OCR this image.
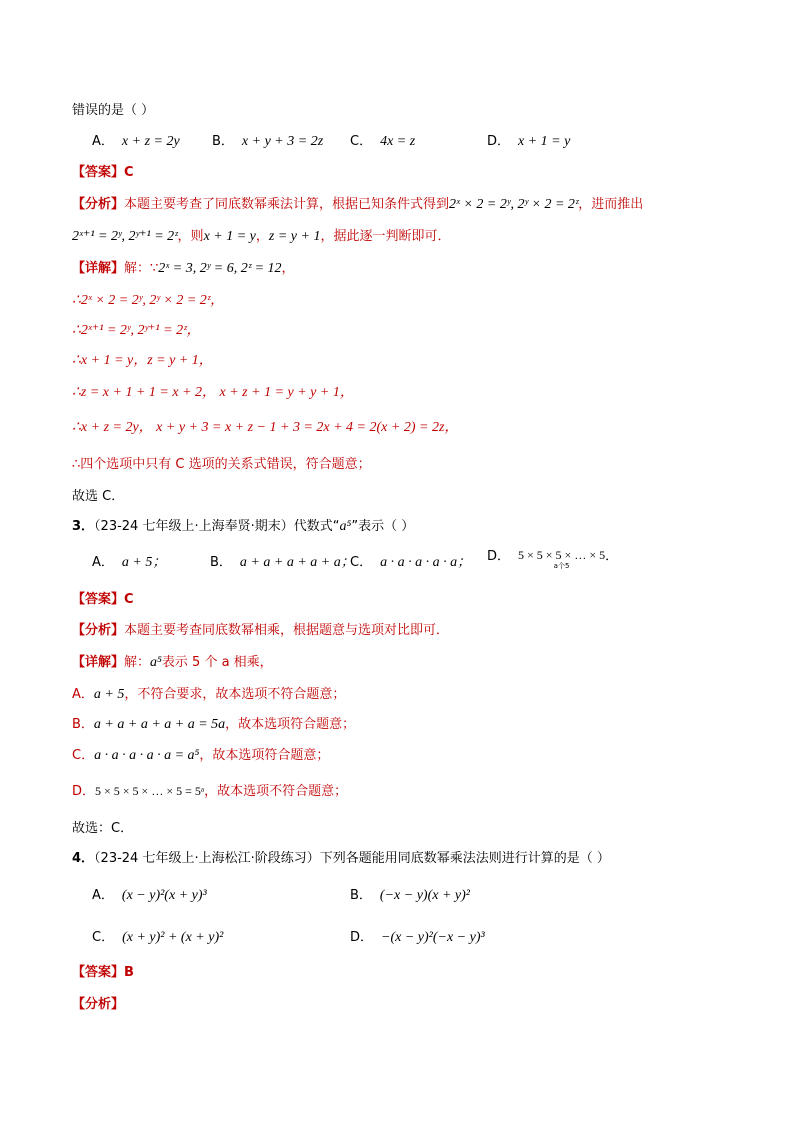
错误的是（ ）
A． x + z = 2y B． x + y + 3 = 2z C． 4x = z	D． x + 1 = y
【答案】C
【分析】本题主要考查了同底数幂乘法计算，根据已知条件式得到2ˣ × 2 = 2ʸ, 2ʸ × 2 = 2ᶻ，进而推出
2ˣ⁺¹ = 2ʸ, 2ʸ⁺¹ = 2ᶻ，则x + 1 = y，z = y + 1，据此逐一判断即可．
【详解】解：∵2ˣ = 3, 2ʸ = 6, 2ᶻ = 12，
∴2ˣ × 2 = 2ʸ, 2ʸ × 2 = 2ᶻ，
∴2ˣ⁺¹ = 2ʸ, 2ʸ⁺¹ = 2ᶻ，
∴x + 1 = y，z = y + 1，
∴z = x + 1 + 1 = x + 2， x + z + 1 = y + y + 1，
∴x + z = 2y， x + y + 3 = x + z − 1 + 3 = 2x + 4 = 2(x + 2) = 2z，
∴四个选项中只有 C 选项的关系式错误，符合题意；
故选 C．
3．（23-24 七年级上·上海奉贤·期末）代数式“a⁵”表示（ ）
A． a + 5；	B． a + a + a + a + a；
C． a · a · a · a · a； D． 5 × 5 × 5 × … × 5
a个5
．
【答案】C
【分析】本题主要考查同底数幂相乘，根据题意与选项对比即可．
【详解】解：a⁵表示 5 个 a 相乘，
A．a + 5，不符合要求，故本选项不符合题意；
B．a + a + a + a + a = 5a，故本选项符合题意；
C．a · a · a · a · a = a⁵，故本选项符合题意；
D．5 × 5 × 5 × … × 5 = 5ᵃ，故本选项不符合题意；
故选：C．
4．（23-24 七年级上·上海松江·阶段练习）下列各题能用同底数幂乘法法则进行计算的是（ ）
A． (x − y)²(x + y)³	B． (−x − y)(x + y)²
C． (x + y)² + (x + y)²	D． −(x − y)²(−x − y)³
【答案】B
【分析】
